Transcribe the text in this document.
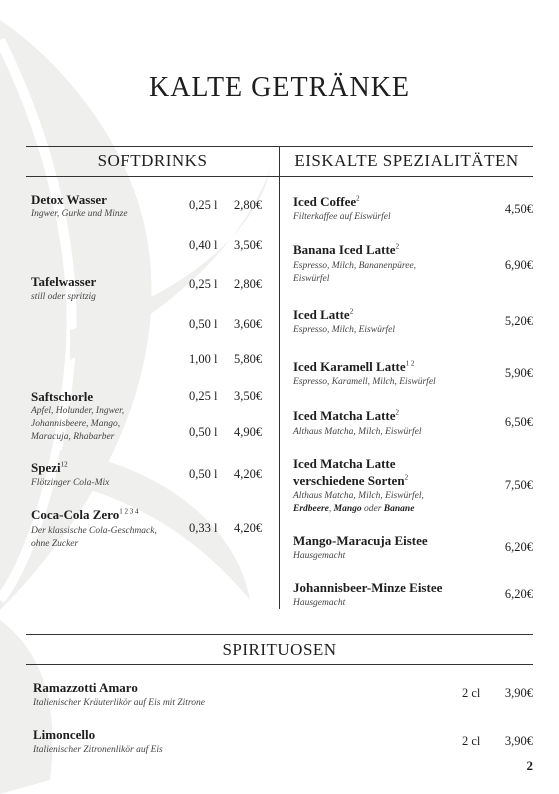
KALTE GETRÄNKE
SOFTDRINKS	EISKALTE SPEZIALITÄTEN
Detox Wasser
Ingwer, Gurke und Minze
0,25 l 2,80€
0,40 l 3,50€
Tafelwasser
still oder spritzig
0,25 l 2,80€
0,50 l 3,60€
1,00 l 5,80€
Saftschorle
Apfel, Holunder, Ingwer,
Johannisbeere, Mango,
Maracuja, Rhabarber
0,25 l 3,50€
0,50 l 4,90€
Spezi$^{12}$
Flötzinger Cola-Mix
0,50 l 4,20€
Coca-Cola Zero$^{1 2 3 4}$
Der klassische Cola-Geschmack,
ohne Zucker
0,33 l 4,20€
Iced Coffee$^2$
Filterkaffee auf Eiswürfel
4,50€
Banana Iced Latte$^2$
Espresso, Milch, Bananenpüree,
Eiswürfel
6,90€
Iced Latte$^2$
Espresso, Milch, Eiswürfel
5,20€
Iced Karamell Latte$^{1 2}$
Espresso, Karamell, Milch, Eiswürfel
5,90€
Iced Matcha Latte$^2$
Althaus Matcha, Milch, Eiswürfel
6,50€
Iced Matcha Latte
verschiedene Sorten$^2$
Althaus Matcha, Milch, Eiswürfel,
Erdbeere, Mango oder Banane
7,50€
Mango-Maracuja Eistee
Hausgemacht
6,20€
Johannisbeer-Minze Eistee
Hausgemacht
6,20€
SPIRITUOSEN
Ramazzotti Amaro
Italienischer Kräuterlikör auf Eis mit Zitrone
2 cl 3,90€
Limoncello
Italienischer Zitronenlikör auf Eis
2 cl 3,90€
2
